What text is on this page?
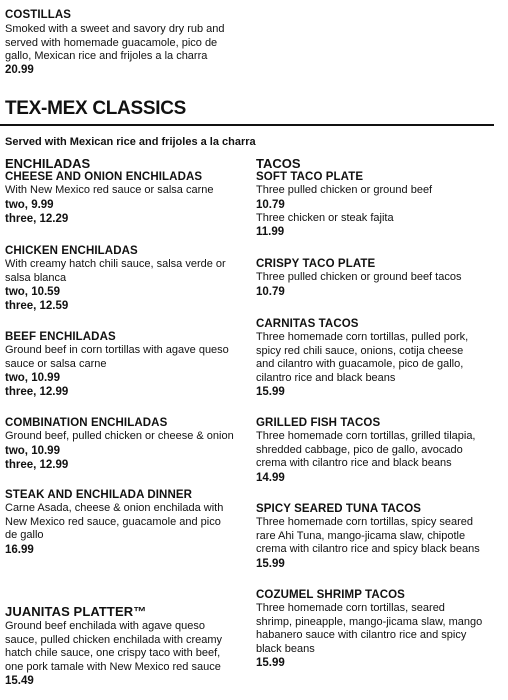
COSTILLAS
Smoked with a sweet and savory dry rub and served with homemade guacamole, pico de gallo, Mexican rice and frijoles a la charra
20.99
TEX-MEX CLASSICS
Served with Mexican rice and frijoles a la charra
ENCHILADAS
CHEESE AND ONION ENCHILADAS
With New Mexico red sauce or salsa carne
two, 9.99
three, 12.29
CHICKEN ENCHILADAS
With creamy hatch chili sauce, salsa verde or salsa blanca
two, 10.59
three, 12.59
BEEF ENCHILADAS
Ground beef in corn tortillas with agave queso sauce or salsa carne
two, 10.99
three, 12.99
COMBINATION ENCHILADAS
Ground beef, pulled chicken or cheese & onion
two, 10.99
three, 12.99
STEAK AND ENCHILADA DINNER
Carne Asada, cheese & onion enchilada with New Mexico red sauce, guacamole and pico de gallo
16.99
JUANITAS PLATTER™
Ground beef enchilada with agave queso sauce, pulled chicken enchilada with creamy hatch chile sauce, one crispy taco with beef, one pork tamale with New Mexico red sauce
15.49
TACOS
SOFT TACO PLATE
Three pulled chicken or ground beef
10.79
Three chicken or steak fajita
11.99
CRISPY TACO PLATE
Three pulled chicken or ground beef tacos
10.79
CARNITAS TACOS
Three homemade corn tortillas, pulled pork, spicy red chili sauce, onions, cotija cheese and cilantro with guacamole, pico de gallo, cilantro rice and black beans
15.99
GRILLED FISH TACOS
Three homemade corn tortillas, grilled tilapia, shredded cabbage, pico de gallo, avocado crema with cilantro rice and black beans
14.99
SPICY SEARED TUNA TACOS
Three homemade corn tortillas, spicy seared rare Ahi Tuna, mango-jicama slaw, chipotle crema with cilantro rice and spicy black beans
15.99
COZUMEL SHRIMP TACOS
Three homemade corn tortillas, seared shrimp, pineapple, mango-jicama slaw, mango habanero sauce with cilantro rice and spicy black beans
15.99
